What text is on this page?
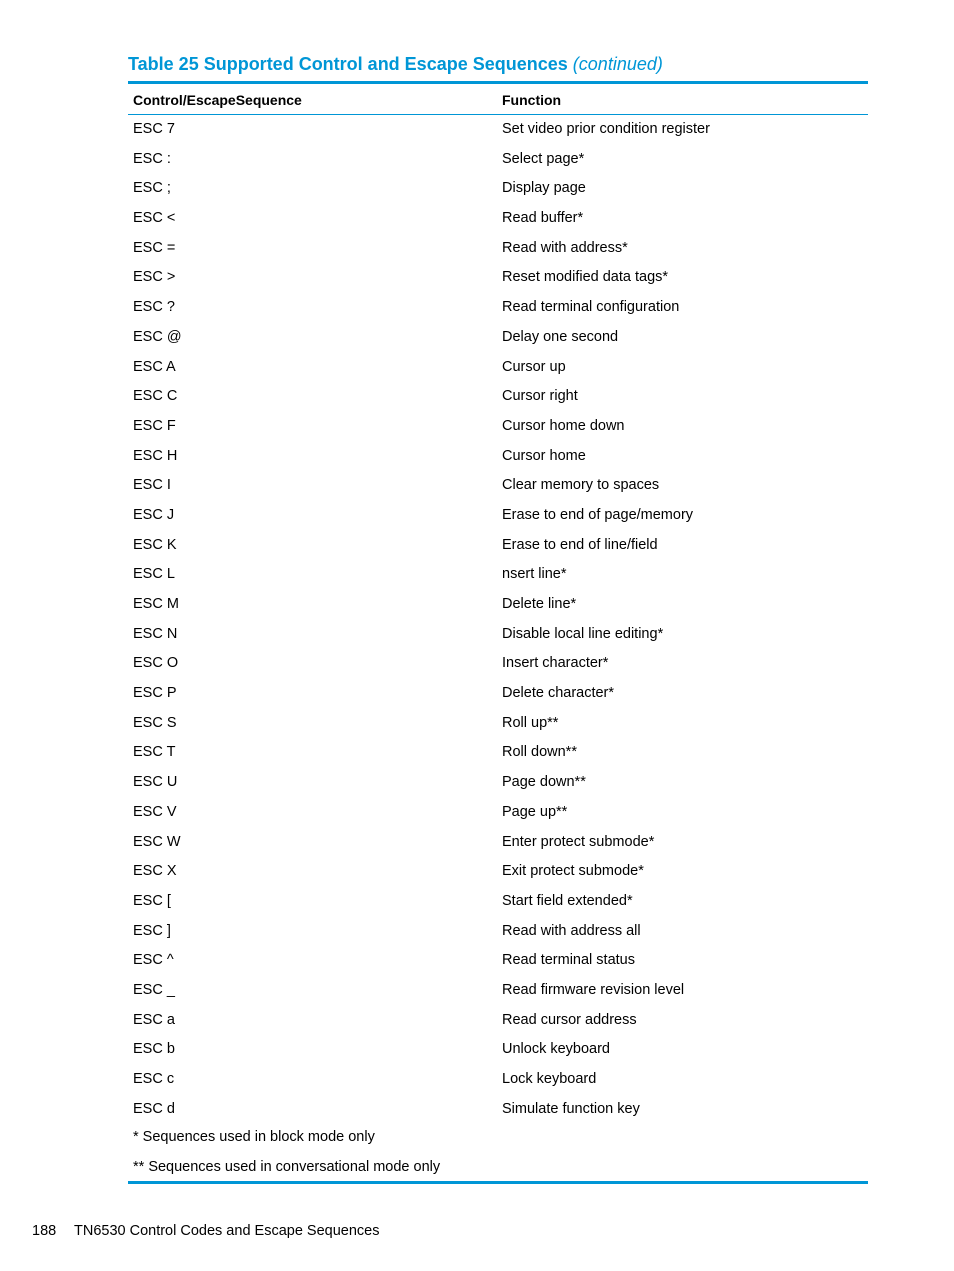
Table 25 Supported Control and Escape Sequences (continued)
Control/EscapeSequence	Function
ESC 7	Set video prior condition register
ESC :	Select page*
ESC ;	Display page
ESC <	Read buffer*
ESC =	Read with address*
ESC >	Reset modified data tags*
ESC ?	Read terminal configuration
ESC @	Delay one second
ESC A	Cursor up
ESC C	Cursor right
ESC F	Cursor home down
ESC H	Cursor home
ESC I	Clear memory to spaces
ESC J	Erase to end of page/memory
ESC K	Erase to end of line/field
ESC L	nsert line*
ESC M	Delete line*
ESC N	Disable local line editing*
ESC O	Insert character*
ESC P	Delete character*
ESC S	Roll up**
ESC T	Roll down**
ESC U	Page down**
ESC V	Page up**
ESC W	Enter protect submode*
ESC X	Exit protect submode*
ESC [	Start field extended*
ESC ]	Read with address all
ESC ^	Read terminal status
ESC _	Read firmware revision level
ESC a	Read cursor address
ESC b	Unlock keyboard
ESC c	Lock keyboard
ESC d	Simulate function key
* Sequences used in block mode only
** Sequences used in conversational mode only
188 TN6530 Control Codes and Escape Sequences
